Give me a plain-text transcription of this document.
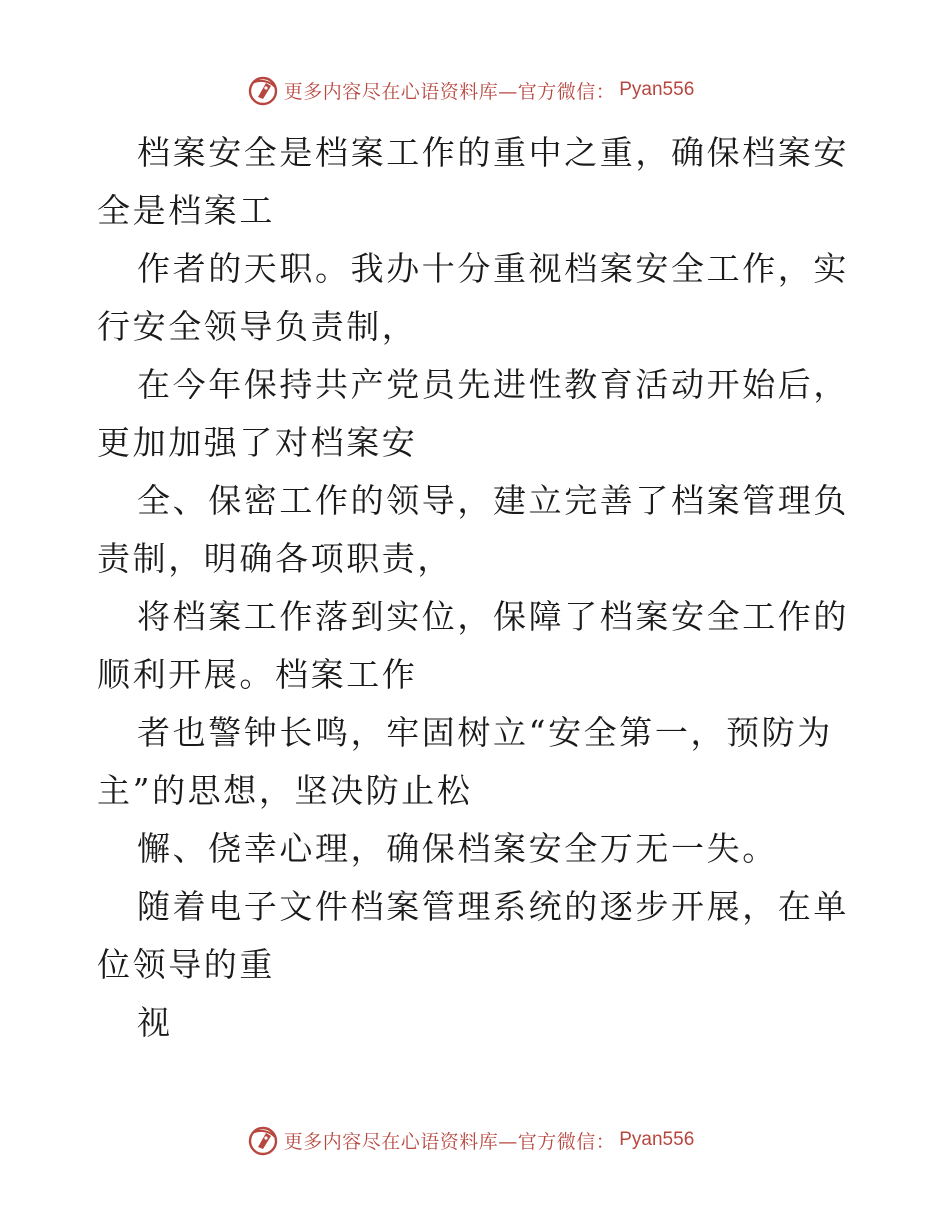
更多内容尽在心语资料库—官方微信： Pyan556

档案安全是档案工作的重中之重，确保档案安全是档案工

作者的天职。我办十分重视档案安全工作，实行安全领导负责制，

在今年保持共产党员先进性教育活动开始后，更加加强了对档案安

全、保密工作的领导，建立完善了档案管理负责制，明确各项职责，

将档案工作落到实位，保障了档案安全工作的顺利开展。档案工作

者也警钟长鸣，牢固树立“安全第一，预防为主”的思想，坚决防止松

懈、侥幸心理，确保档案安全万无一失。

随着电子文件档案管理系统的逐步开展，在单位领导的重

视

更多内容尽在心语资料库—官方微信： Pyan556
